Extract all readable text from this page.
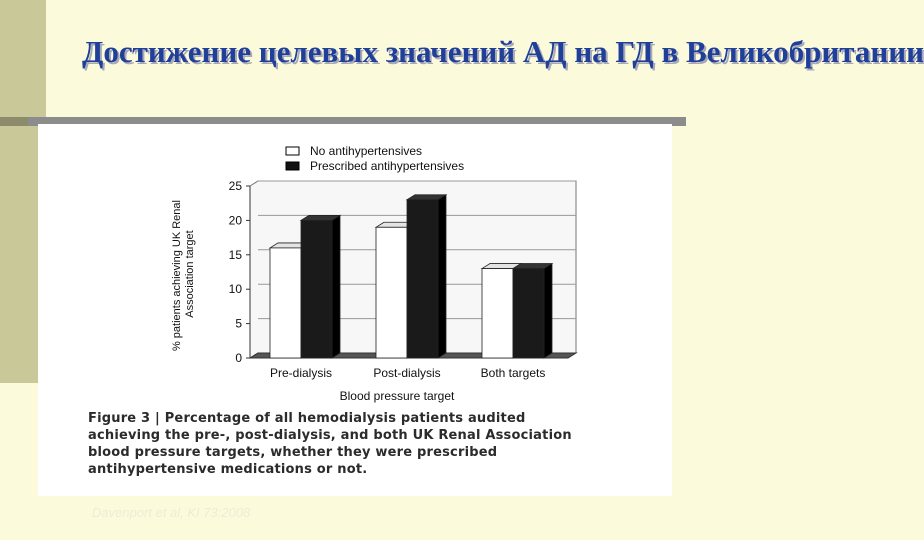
Достижение целевых значений АД на ГД в Великобритании
No antihypertensives
Prescribed antihypertensives
% patients achieving UK Renal Association target
0
5
10
15
20
25
Pre-dialysis	Post-dialysis	Both targets
Blood pressure target
Figure 3 | Percentage of all hemodialysis patients audited
achieving the pre-, post-dialysis, and both UK Renal Association
blood pressure targets, whether they were prescribed
antihypertensive medications or not.
Davenport et al, KI 73:2008
